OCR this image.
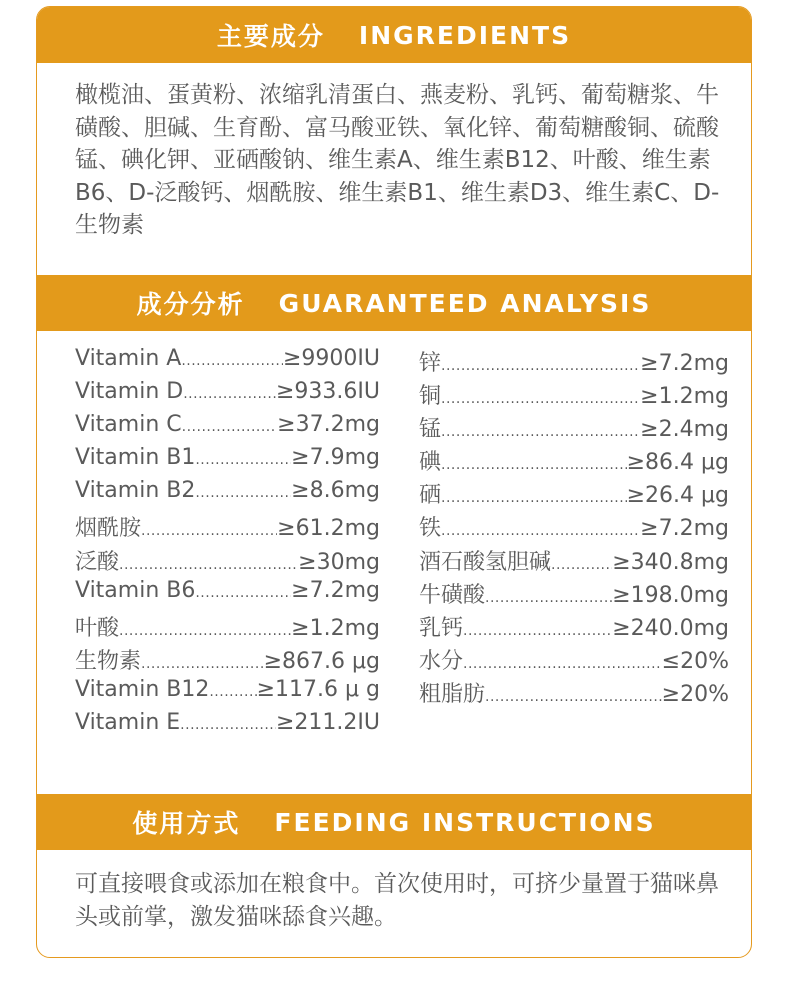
主要成分 INGREDIENTS
橄榄油、蛋黄粉、浓缩乳清蛋白、燕麦粉、乳钙、葡萄糖浆、牛磺酸、胆碱、生育酚、富马酸亚铁、氧化锌、葡萄糖酸铜、硫酸锰、碘化钾、亚硒酸钠、维生素A、维生素B12、叶酸、维生素B6、D-泛酸钙、烟酰胺、维生素B1、维生素D3、维生素C、D-生物素
成分分析 GUARANTEED ANALYSIS
Vitamin A .....	≥9900IU
Vitamin D .....	≥933.6IU
Vitamin C .....	≥37.2mg
Vitamin B1 .....	≥7.9mg
Vitamin B2 .....	≥8.6mg
烟酰胺 .....	≥61.2mg
泛酸 .....	≥30mg
Vitamin B6 .....	≥7.2mg
叶酸 .....	≥1.2mg
生物素 .....	≥867.6 μg
Vitamin B12 ..... ≥117.6 μ g
Vitamin E .....	≥211.2IU
锌 .....	≥7.2mg
铜 .....	≥1.2mg
锰 .....	≥2.4mg
碘 .....	≥86.4 μg
硒 .....	≥26.4 μg
铁 .....	≥7.2mg
酒石酸氢胆碱 .....	≥340.8mg
牛磺酸 .....	≥198.0mg
乳钙 .....	≥240.0mg
水分 .....	≤20%
粗脂肪 .....	≥20%
使用方式 FEEDING INSTRUCTIONS
可直接喂食或添加在粮食中。首次使用时，可挤少量置于猫咪鼻头或前掌，激发猫咪舔食兴趣。
